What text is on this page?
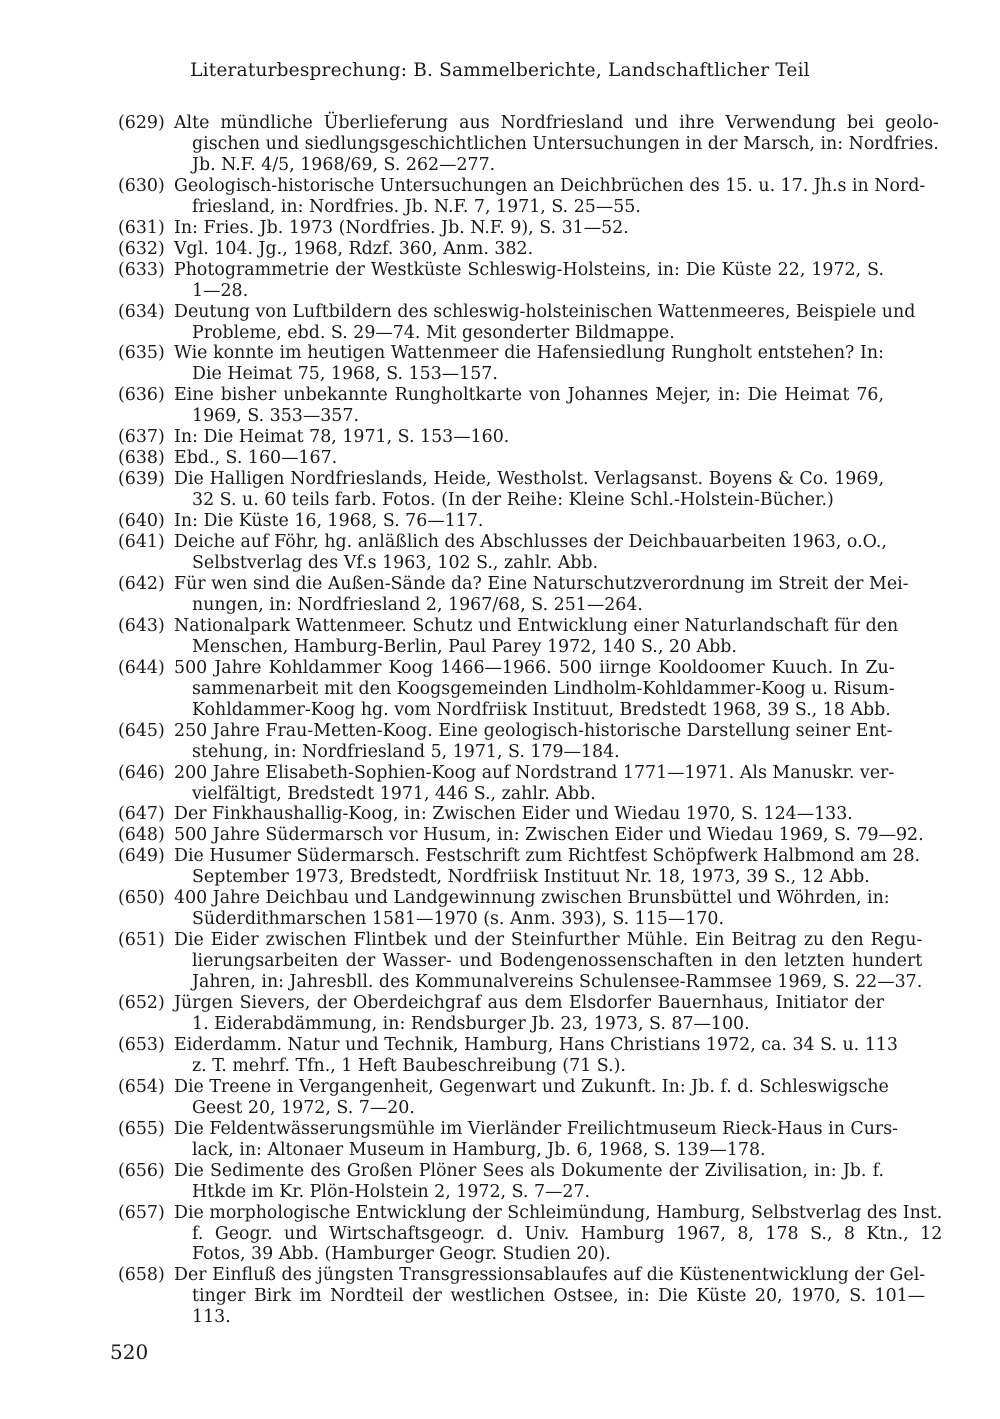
Literaturbesprechung: B. Sammelberichte, Landschaftlicher Teil
(629) Alte mündliche Überlieferung aus Nordfriesland und ihre Verwendung bei geolo-
gischen und siedlungsgeschichtlichen Untersuchungen in der Marsch, in: Nordfries.
Jb. N.F. 4/5, 1968/69, S. 262—277.
(630) Geologisch-historische Untersuchungen an Deichbrüchen des 15. u. 17. Jh.s in Nord-
friesland, in: Nordfries. Jb. N.F. 7, 1971, S. 25—55.
(631) In: Fries. Jb. 1973 (Nordfries. Jb. N.F. 9), S. 31—52.
(632) Vgl. 104. Jg., 1968, Rdzf. 360, Anm. 382.
(633) Photogrammetrie der Westküste Schleswig-Holsteins, in: Die Küste 22, 1972, S.
1—28.
(634) Deutung von Luftbildern des schleswig-holsteinischen Wattenmeeres, Beispiele und
Probleme, ebd. S. 29—74. Mit gesonderter Bildmappe.
(635) Wie konnte im heutigen Wattenmeer die Hafensiedlung Rungholt entstehen? In:
Die Heimat 75, 1968, S. 153—157.
(636) Eine bisher unbekannte Rungholtkarte von Johannes Mejer, in: Die Heimat 76,
1969, S. 353—357.
(637) In: Die Heimat 78, 1971, S. 153—160.
(638) Ebd., S. 160—167.
(639) Die Halligen Nordfrieslands, Heide, Westholst. Verlagsanst. Boyens & Co. 1969,
32 S. u. 60 teils farb. Fotos. (In der Reihe: Kleine Schl.-Holstein-Bücher.)
(640) In: Die Küste 16, 1968, S. 76—117.
(641) Deiche auf Föhr, hg. anläßlich des Abschlusses der Deichbauarbeiten 1963, o.O.,
Selbstverlag des Vf.s 1963, 102 S., zahlr. Abb.
(642) Für wen sind die Außen-Sände da? Eine Naturschutzverordnung im Streit der Mei-
nungen, in: Nordfriesland 2, 1967/68, S. 251—264.
(643) Nationalpark Wattenmeer. Schutz und Entwicklung einer Naturlandschaft für den
Menschen, Hamburg-Berlin, Paul Parey 1972, 140 S., 20 Abb.
(644) 500 Jahre Kohldammer Koog 1466—1966. 500 iirnge Kooldoomer Kuuch. In Zu-
sammenarbeit mit den Koogsgemeinden Lindholm-Kohldammer-Koog u. Risum-
Kohldammer-Koog hg. vom Nordfriisk Instituut, Bredstedt 1968, 39 S., 18 Abb.
(645) 250 Jahre Frau-Metten-Koog. Eine geologisch-historische Darstellung seiner Ent-
stehung, in: Nordfriesland 5, 1971, S. 179—184.
(646) 200 Jahre Elisabeth-Sophien-Koog auf Nordstrand 1771—1971. Als Manuskr. ver-
vielfältigt, Bredstedt 1971, 446 S., zahlr. Abb.
(647) Der Finkhaushallig-Koog, in: Zwischen Eider und Wiedau 1970, S. 124—133.
(648) 500 Jahre Südermarsch vor Husum, in: Zwischen Eider und Wiedau 1969, S. 79—92.
(649) Die Husumer Südermarsch. Festschrift zum Richtfest Schöpfwerk Halbmond am 28.
September 1973, Bredstedt, Nordfriisk Instituut Nr. 18, 1973, 39 S., 12 Abb.
(650) 400 Jahre Deichbau und Landgewinnung zwischen Brunsbüttel und Wöhrden, in:
Süderdithmarschen 1581—1970 (s. Anm. 393), S. 115—170.
(651) Die Eider zwischen Flintbek und der Steinfurther Mühle. Ein Beitrag zu den Regu-
lierungsarbeiten der Wasser- und Bodengenossenschaften in den letzten hundert
Jahren, in: Jahresbll. des Kommunalvereins Schulensee-Rammsee 1969, S. 22—37.
(652) Jürgen Sievers, der Oberdeichgraf aus dem Elsdorfer Bauernhaus, Initiator der
1. Eiderabdämmung, in: Rendsburger Jb. 23, 1973, S. 87—100.
(653) Eiderdamm. Natur und Technik, Hamburg, Hans Christians 1972, ca. 34 S. u. 113
z. T. mehrf. Tfn., 1 Heft Baubeschreibung (71 S.).
(654) Die Treene in Vergangenheit, Gegenwart und Zukunft. In: Jb. f. d. Schleswigsche
Geest 20, 1972, S. 7—20.
(655) Die Feldentwässerungsmühle im Vierländer Freilichtmuseum Rieck-Haus in Curs-
lack, in: Altonaer Museum in Hamburg, Jb. 6, 1968, S. 139—178.
(656) Die Sedimente des Großen Plöner Sees als Dokumente der Zivilisation, in: Jb. f.
Htkde im Kr. Plön-Holstein 2, 1972, S. 7—27.
(657) Die morphologische Entwicklung der Schleimündung, Hamburg, Selbstverlag des Inst.
f. Geogr. und Wirtschaftsgeogr. d. Univ. Hamburg 1967, 8, 178 S., 8 Ktn., 12
Fotos, 39 Abb. (Hamburger Geogr. Studien 20).
(658) Der Einfluß des jüngsten Transgressionsablaufes auf die Küstenentwicklung der Gel-
tinger Birk im Nordteil der westlichen Ostsee, in: Die Küste 20, 1970, S. 101—
113.
520
